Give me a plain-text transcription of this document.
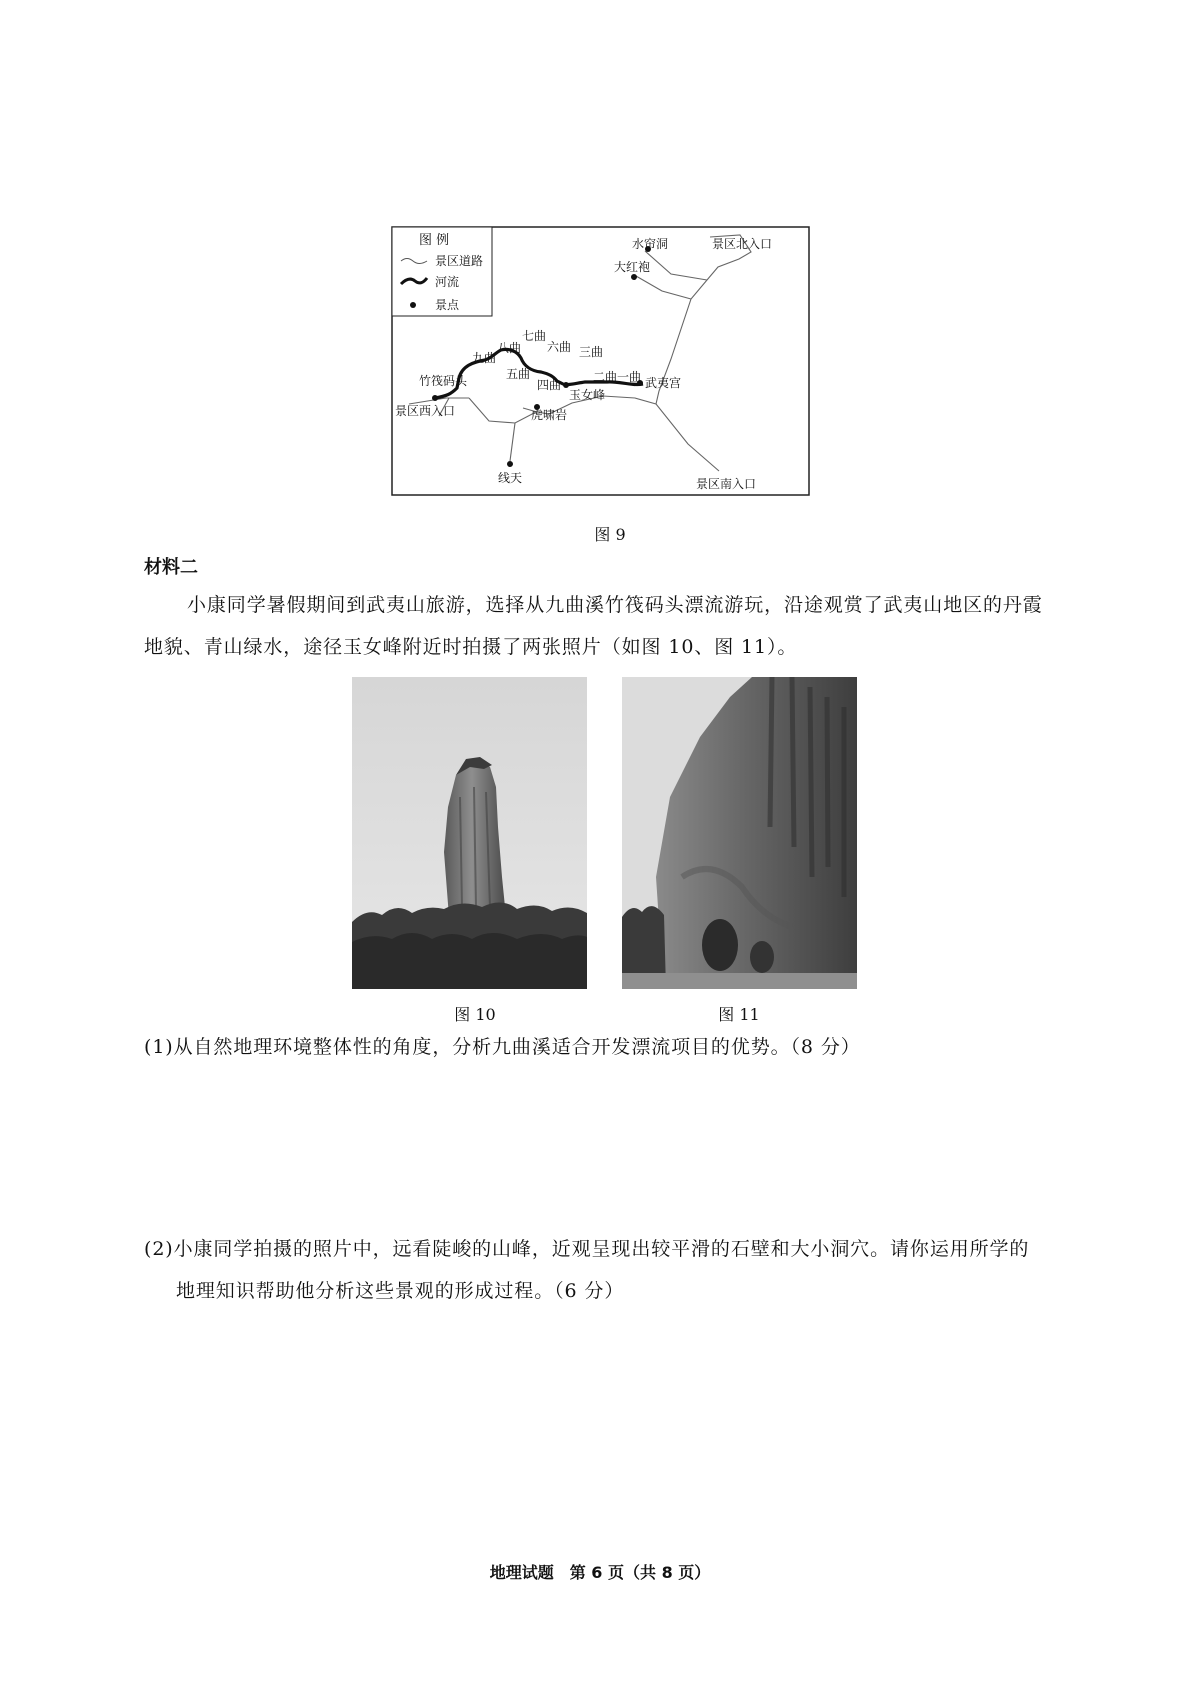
图 例
景区道路
河流
景点
水帘洞	景区北入口
大红袍
七曲
八曲
九曲
六曲 三曲
五曲	二曲 一曲
四曲
竹筏码头
玉女峰
武夷宫
虎啸岩
景区西入口
线天	景区南入口
图 9
材料二
小康同学暑假期间到武夷山旅游，选择从九曲溪竹筏码头漂流游玩，沿途观赏了武夷山地区的丹霞
地貌、青山绿水，途径玉女峰附近时拍摄了两张照片（如图 10、图 11）。
图 10	图 11
(1)从自然地理环境整体性的角度，分析九曲溪适合开发漂流项目的优势。（8 分）
(2)小康同学拍摄的照片中，远看陡峻的山峰，近观呈现出较平滑的石壁和大小洞穴。请你运用所学的
地理知识帮助他分析这些景观的形成过程。（6 分）
地理试题　第 6 页（共 8 页）
